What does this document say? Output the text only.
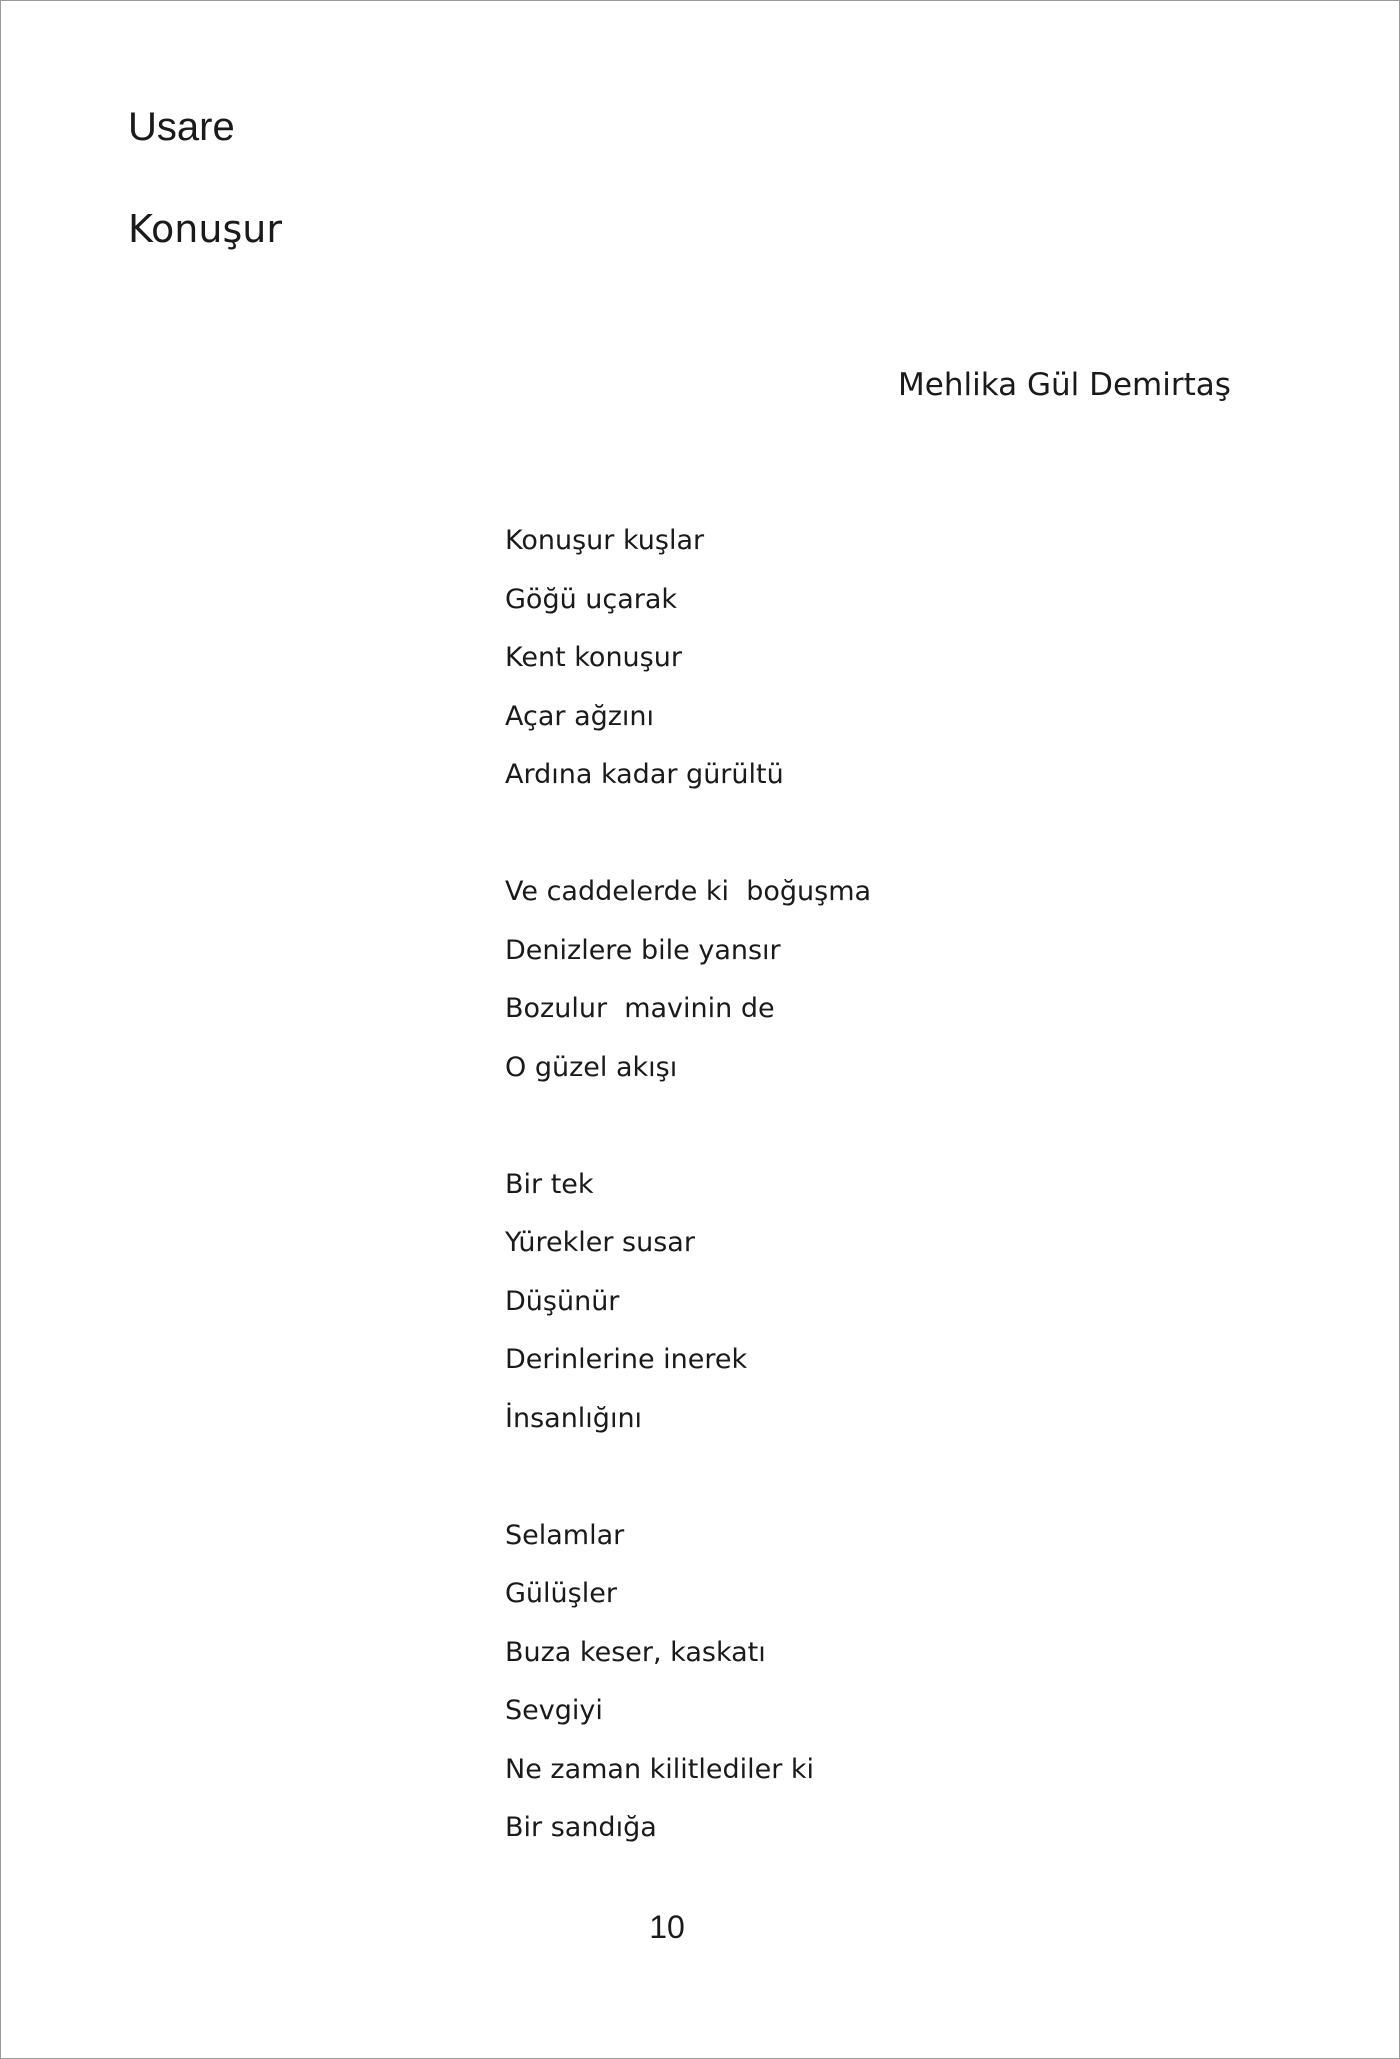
Usare
Konuşur
Mehlika Gül Demirtaş
Konuşur kuşlar
Göğü uçarak
Kent konuşur
Açar ağzını
Ardına kadar gürültü
Ve caddelerde ki  boğuşma
Denizlere bile yansır
Bozulur  mavinin de
O güzel akışı
Bir tek
Yürekler susar
Düşünür
Derinlerine inerek
İnsanlığını
Selamlar
Gülüşler
Buza keser, kaskatı
Sevgiyi
Ne zaman kilitlediler ki
Bir sandığa
10
